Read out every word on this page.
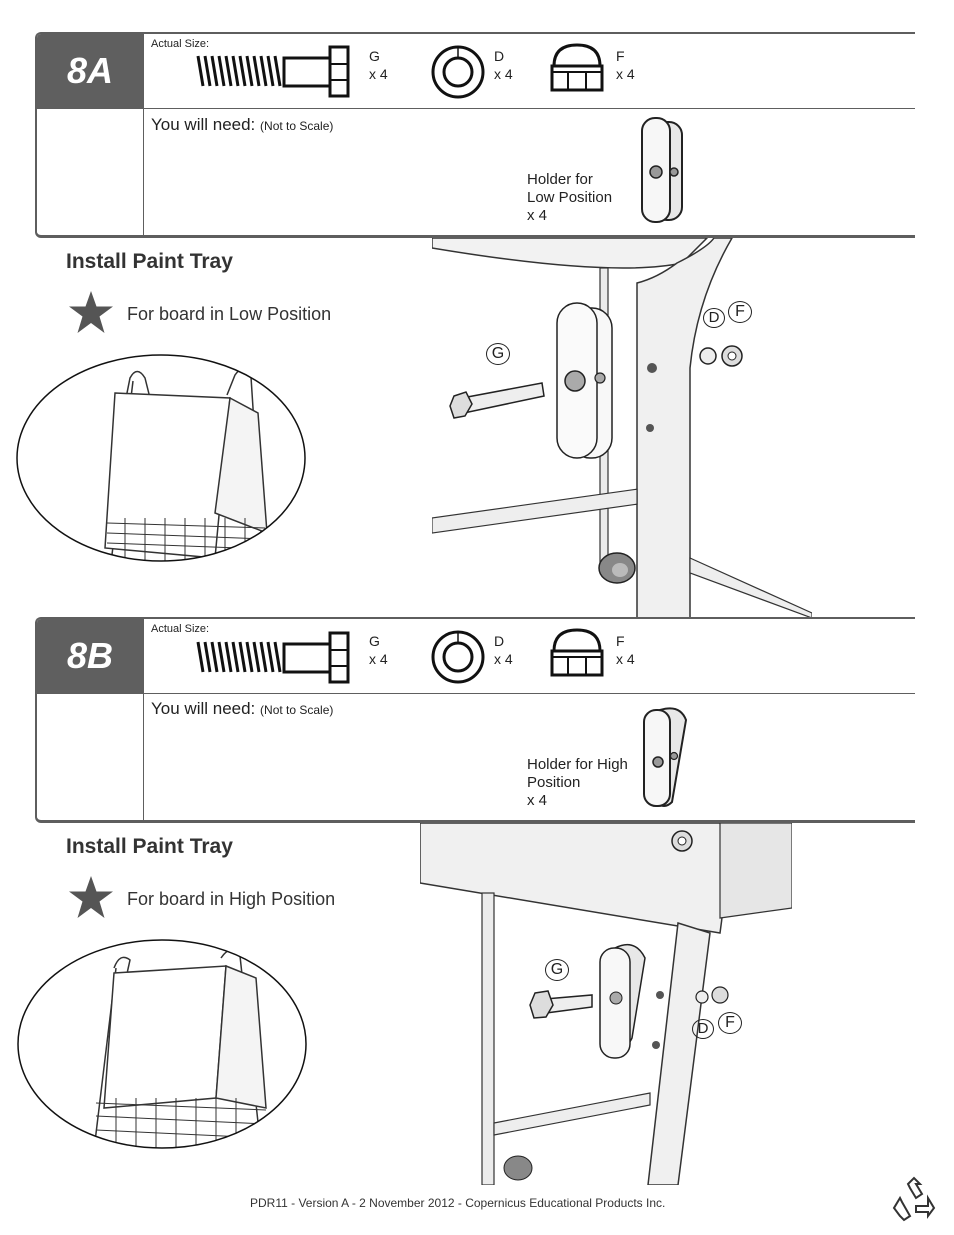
8A
Actual Size:
G
x 4
D
x 4
F
x 4
You will need: (Not to Scale)
Holder for
Low Position
x 4
Install Paint Tray
For board in Low Position
G
D F
8B
Actual Size:
G
x 4
D
x 4
F
x 4
You will need: (Not to Scale)
Holder for High
Position
x 4
Install Paint Tray
For board in High Position
G
D	F
PDR11 - Version A - 2 November 2012 - Copernicus Educational Products Inc.
